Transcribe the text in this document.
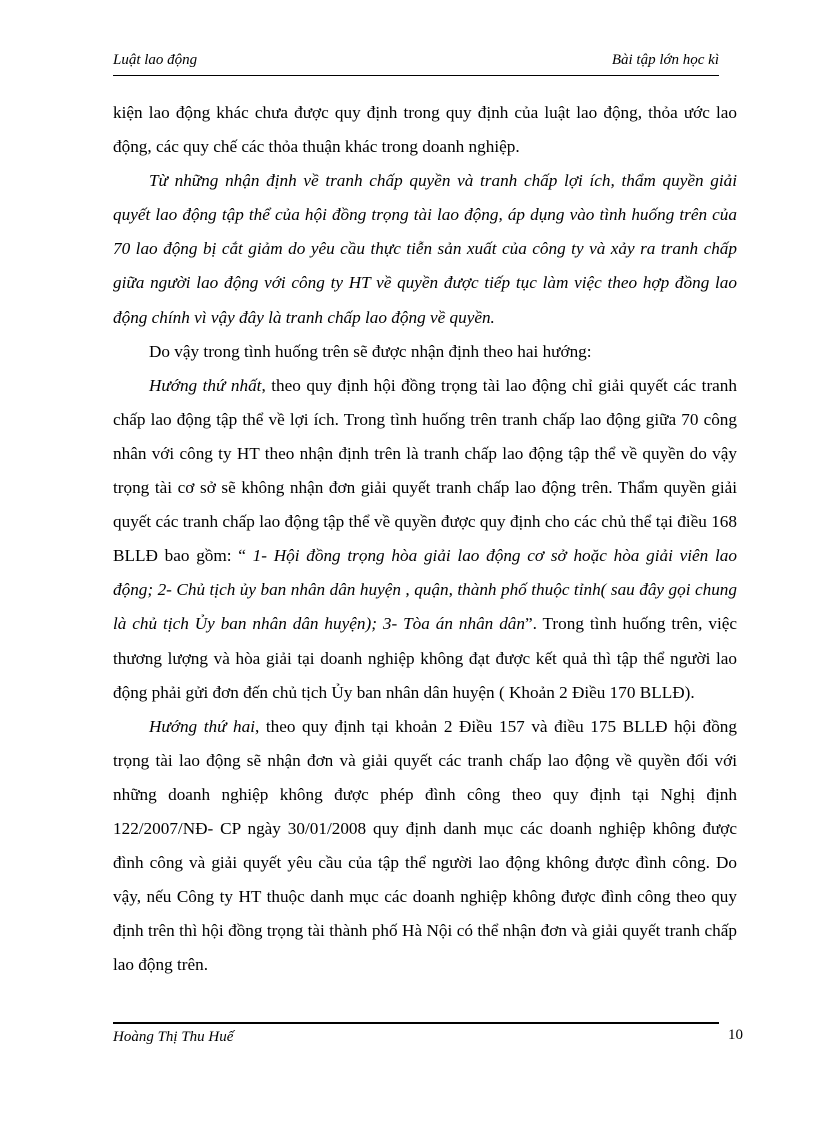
Luật lao động	Bài tập lớn học kì

kiện lao động khác chưa được quy định trong quy định của luật lao động, thỏa ước lao động, các quy chế các thỏa thuận khác trong doanh nghiệp.

Từ những nhận định về tranh chấp quyền và tranh chấp lợi ích, thẩm quyền giải quyết lao động tập thể của hội đồng trọng tài lao động, áp dụng vào tình huống trên của 70 lao động bị cắt giảm do yêu cầu thực tiễn sản xuất của công ty và xảy ra tranh chấp giữa người lao động với công ty HT về quyền được tiếp tục làm việc theo hợp đồng lao động chính vì vậy đây là tranh chấp lao động về quyền.

Do vậy trong tình huống trên sẽ được nhận định theo hai hướng:

Hướng thứ nhất, theo quy định hội đồng trọng tài lao động chỉ giải quyết các tranh chấp lao động tập thể về lợi ích. Trong tình huống trên tranh chấp lao động giữa 70 công nhân với công ty HT theo nhận định trên là tranh chấp lao động tập thể về quyền do vậy trọng tài cơ sở sẽ không nhận đơn giải quyết tranh chấp lao động trên. Thẩm quyền giải quyết các tranh chấp lao động tập thể về quyền được quy định cho các chủ thể tại điều 168 BLLĐ bao gồm: “ 1- Hội đồng trọng hòa giải lao động cơ sở hoặc hòa giải viên lao động; 2- Chủ tịch ủy ban nhân dân huyện , quận, thành phố thuộc tỉnh( sau đây gọi chung là chủ tịch Ủy ban nhân dân huyện); 3- Tòa án nhân dân”. Trong tình huống trên, việc thương lượng và hòa giải tại doanh nghiệp không đạt được kết quả thì tập thể người lao động phải gửi đơn đến chủ tịch Ủy ban nhân dân huyện ( Khoản 2 Điều 170 BLLĐ).

Hướng thứ hai, theo quy định tại khoản 2 Điều 157 và điều 175 BLLĐ hội đồng trọng tài lao động sẽ nhận đơn và giải quyết các tranh chấp lao động về quyền đối với những doanh nghiệp không được phép đình công theo quy định tại Nghị định 122/2007/NĐ- CP ngày 30/01/2008 quy định danh mục các doanh nghiệp không được đình công và giải quyết yêu cầu của tập thể người lao động không được đình công. Do vậy, nếu Công ty HT thuộc danh mục các doanh nghiệp không được đình công theo quy định trên thì hội đồng trọng tài thành phố Hà Nội có thể nhận đơn và giải quyết tranh chấp lao động trên.

Hoàng Thị Thu Huế	10
